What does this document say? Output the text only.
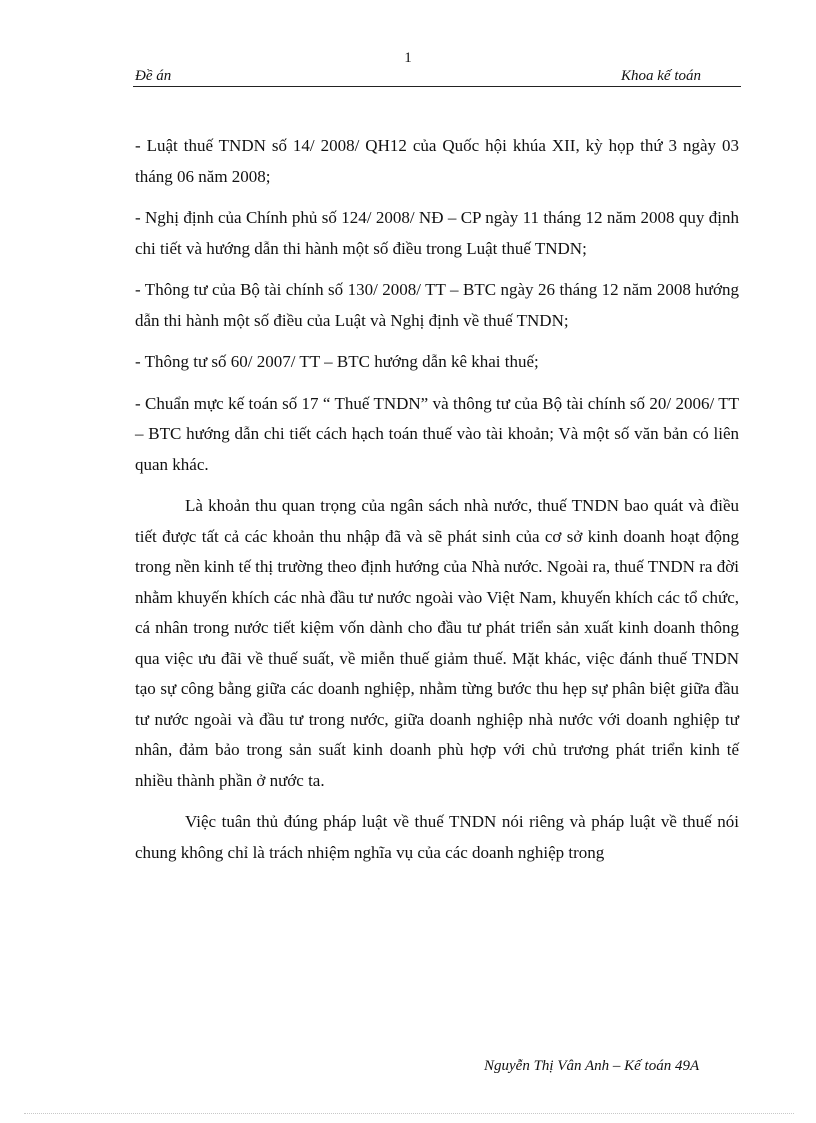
1
Đề án	Khoa kế toán

- Luật thuế TNDN số 14/ 2008/ QH12 của Quốc hội khúa XII, kỳ họp thứ 3 ngày 03 tháng 06 năm 2008;

- Nghị định của Chính phủ số 124/ 2008/ NĐ – CP ngày 11 tháng 12 năm 2008 quy định chi tiết và hướng dẫn thi hành một số điều trong Luật thuế TNDN;

- Thông tư của Bộ tài chính số 130/ 2008/ TT – BTC ngày 26 tháng 12 năm 2008 hướng dẫn thi hành một số điều của Luật và Nghị định về thuế TNDN;

- Thông tư số 60/ 2007/ TT – BTC hướng dẫn kê khai thuế;

- Chuẩn mực kế toán số 17 “ Thuế TNDN” và thông tư của Bộ tài chính số 20/ 2006/ TT – BTC hướng dẫn chi tiết cách hạch toán thuế vào tài khoản; Và một số văn bản có liên quan khác.

Là khoản thu quan trọng của ngân sách nhà nước, thuế TNDN bao quát và điều tiết được tất cả các khoản thu nhập đã và sẽ phát sinh của cơ sở kinh doanh hoạt động trong nền kinh tế thị trường theo định hướng của Nhà nước. Ngoài ra, thuế TNDN ra đời nhằm khuyến khích các nhà đầu tư nước ngoài vào Việt Nam, khuyến khích các tổ chức, cá nhân trong nước tiết kiệm vốn dành cho đầu tư phát triển sản xuất kinh doanh thông qua việc ưu đãi về thuế suất, về miễn thuế giảm thuế. Mặt khác, việc đánh thuế TNDN tạo sự công bằng giữa các doanh nghiệp, nhằm từng bước thu hẹp sự phân biệt giữa đầu tư nước ngoài và đầu tư trong nước, giữa doanh nghiệp nhà nước với doanh nghiệp tư nhân, đảm bảo trong sản suất kinh doanh phù hợp với chủ trương phát triển kinh tế nhiều thành phần ở nước ta.

Việc tuân thủ đúng pháp luật về thuế TNDN nói riêng và pháp luật về thuế nói chung không chỉ là trách nhiệm nghĩa vụ của các doanh nghiệp trong

Nguyễn Thị Vân Anh – Kế toán 49A
